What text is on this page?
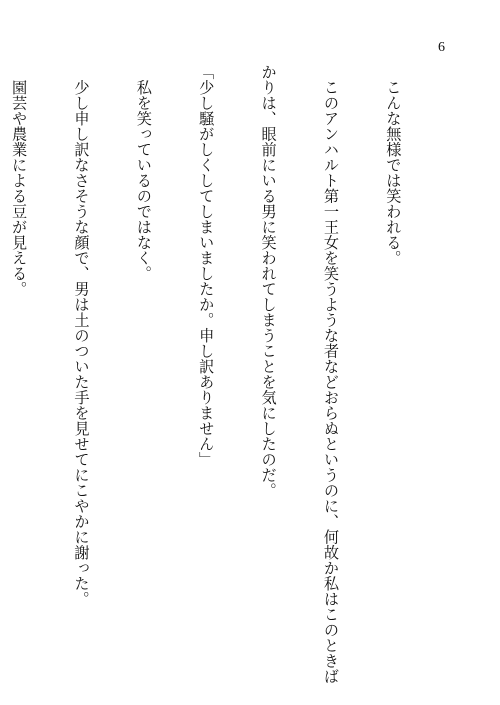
6

　こんな無様では笑われる。

　このアンハルト第一王女を笑うような者などおらぬというのに、何故か私はこのときば

かりは、眼前にいる男に笑われてしまうことを気にしたのだ。

「少し騒がしくしてしまいましたか。申し訳ありません」

　私を笑っているのではなく。

　少し申し訳なさそうな顔で、男は土のついた手を見せてにこやかに謝った。

　園芸や農業による豆が見える。
